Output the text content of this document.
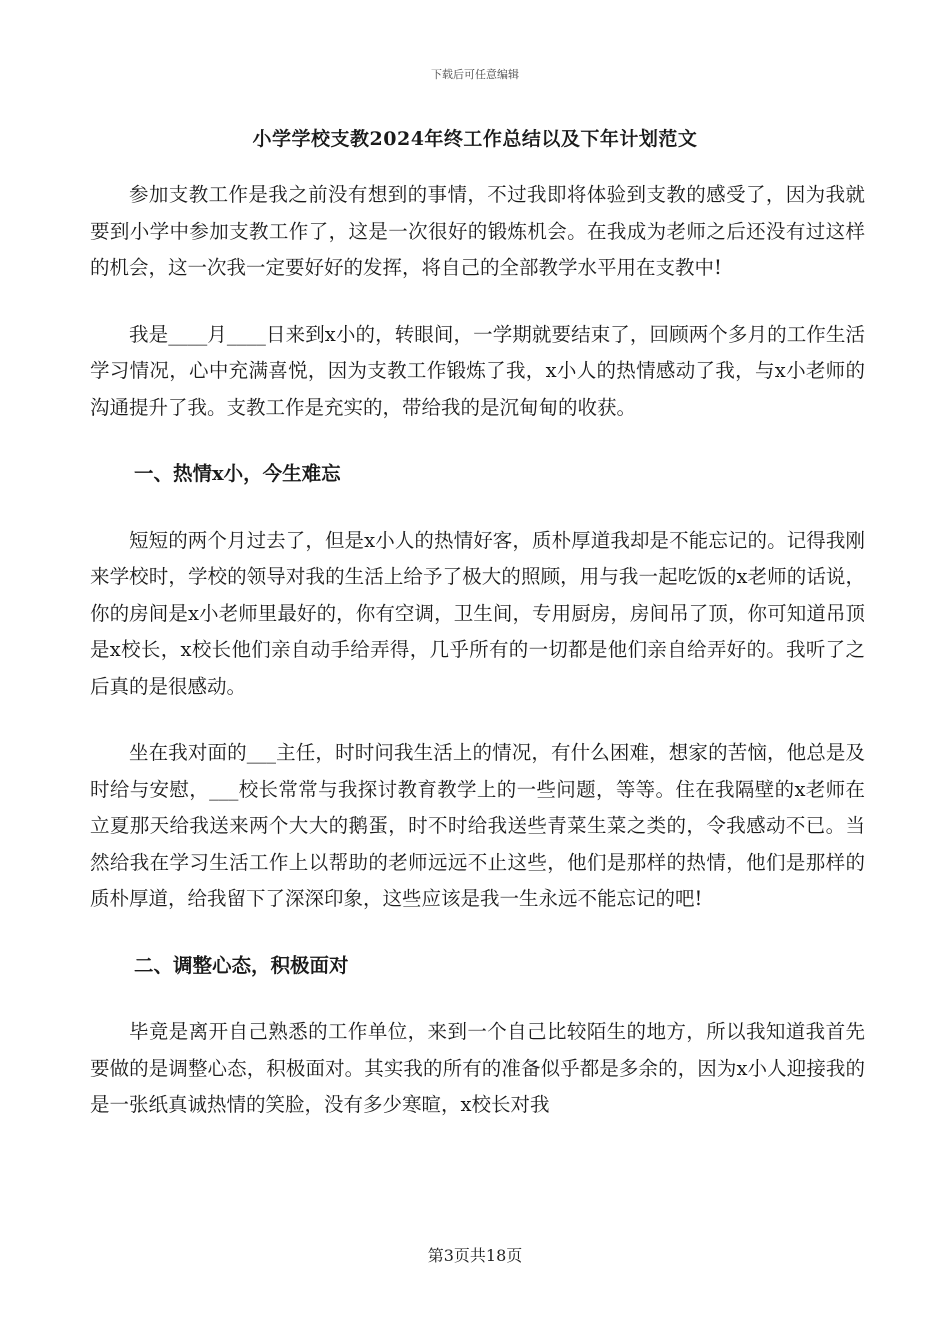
下载后可任意编辑
小学学校支教2024年终工作总结以及下年计划范文

参加支教工作是我之前没有想到的事情，不过我即将体验到支教的感受了，因为我就要到小学中参加支教工作了，这是一次很好的锻炼机会。在我成为老师之后还没有过这样的机会，这一次我一定要好好的发挥，将自己的全部教学水平用在支教中!

我是____月____日来到x小的，转眼间，一学期就要结束了，回顾两个多月的工作生活学习情况，心中充满喜悦，因为支教工作锻炼了我，x小人的热情感动了我，与x小老师的沟通提升了我。支教工作是充实的，带给我的是沉甸甸的收获。

一、热情x小，今生难忘

短短的两个月过去了，但是x小人的热情好客，质朴厚道我却是不能忘记的。记得我刚来学校时，学校的领导对我的生活上给予了极大的照顾，用与我一起吃饭的x老师的话说，你的房间是x小老师里最好的，你有空调，卫生间，专用厨房，房间吊了顶，你可知道吊顶是x校长，x校长他们亲自动手给弄得，几乎所有的一切都是他们亲自给弄好的。我听了之后真的是很感动。

坐在我对面的___主任，时时问我生活上的情况，有什么困难，想家的苦恼，他总是及时给与安慰，___校长常常与我探讨教育教学上的一些问题，等等。住在我隔壁的x老师在立夏那天给我送来两个大大的鹅蛋，时不时给我送些青菜生菜之类的，令我感动不已。当然给我在学习生活工作上以帮助的老师远远不止这些，他们是那样的热情，他们是那样的质朴厚道，给我留下了深深印象，这些应该是我一生永远不能忘记的吧!

二、调整心态，积极面对

毕竟是离开自己熟悉的工作单位，来到一个自己比较陌生的地方，所以我知道我首先要做的是调整心态，积极面对。其实我的所有的准备似乎都是多余的，因为x小人迎接我的是一张纸真诚热情的笑脸，没有多少寒暄，x校长对我

第3页共18页
